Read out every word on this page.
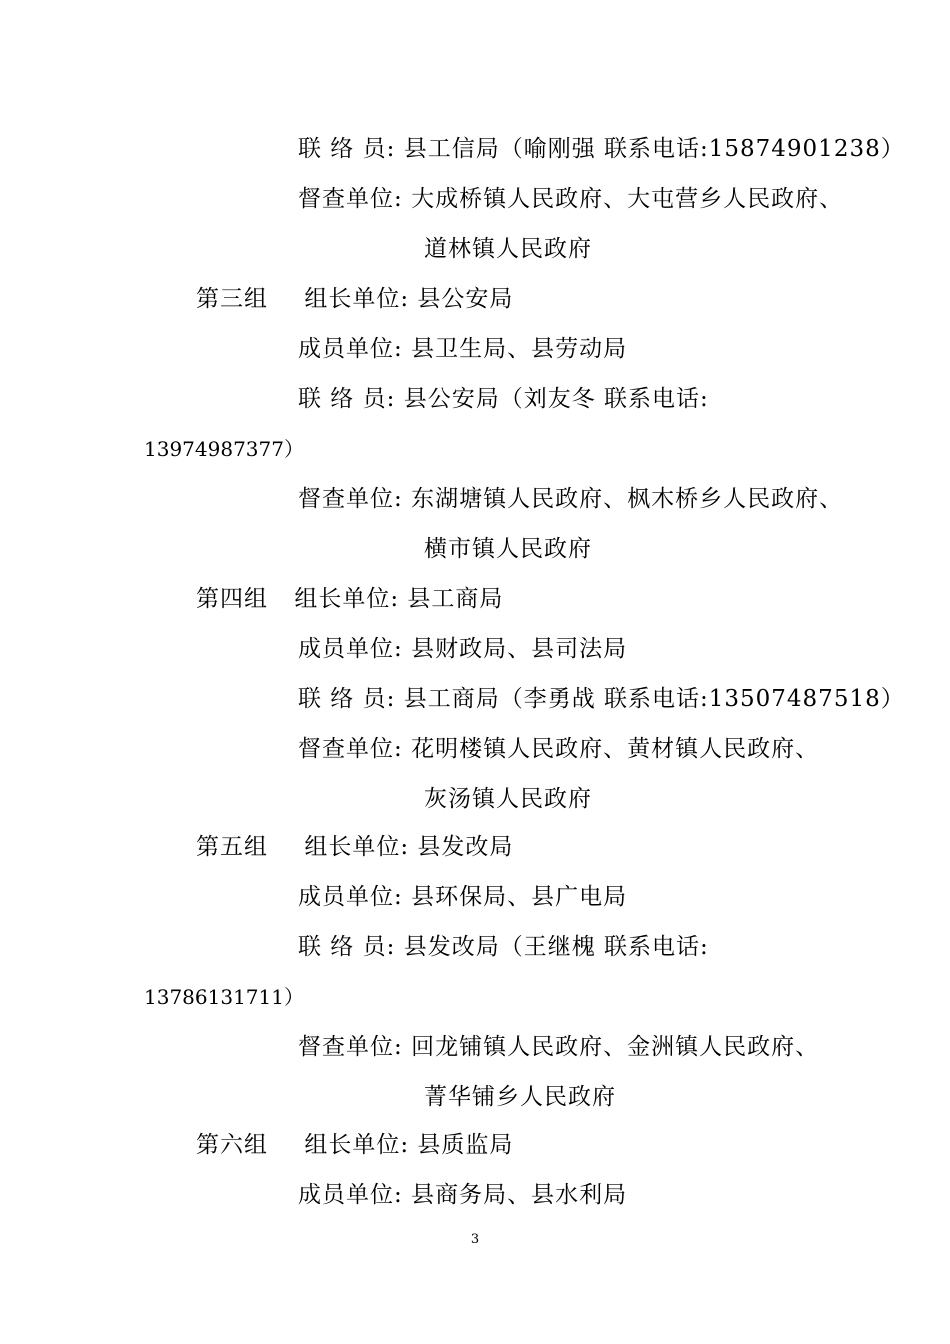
联 络 员: 县工信局（喻刚强 联系电话:15874901238）
督查单位: 大成桥镇人民政府、大屯营乡人民政府、
道林镇人民政府
第三组 组长单位: 县公安局
成员单位: 县卫生局、县劳动局
联 络 员: 县公安局（刘友冬 联系电话:
13974987377）
督查单位: 东湖塘镇人民政府、枫木桥乡人民政府、
横市镇人民政府
第四组 组长单位: 县工商局
成员单位: 县财政局、县司法局
联 络 员: 县工商局（李勇战 联系电话:13507487518）
督查单位: 花明楼镇人民政府、黄材镇人民政府、
灰汤镇人民政府
第五组 组长单位: 县发改局
成员单位: 县环保局、县广电局
联 络 员: 县发改局（王继槐 联系电话:
13786131711）
督查单位: 回龙铺镇人民政府、金洲镇人民政府、
菁华铺乡人民政府
第六组 组长单位: 县质监局
成员单位: 县商务局、县水利局
3
